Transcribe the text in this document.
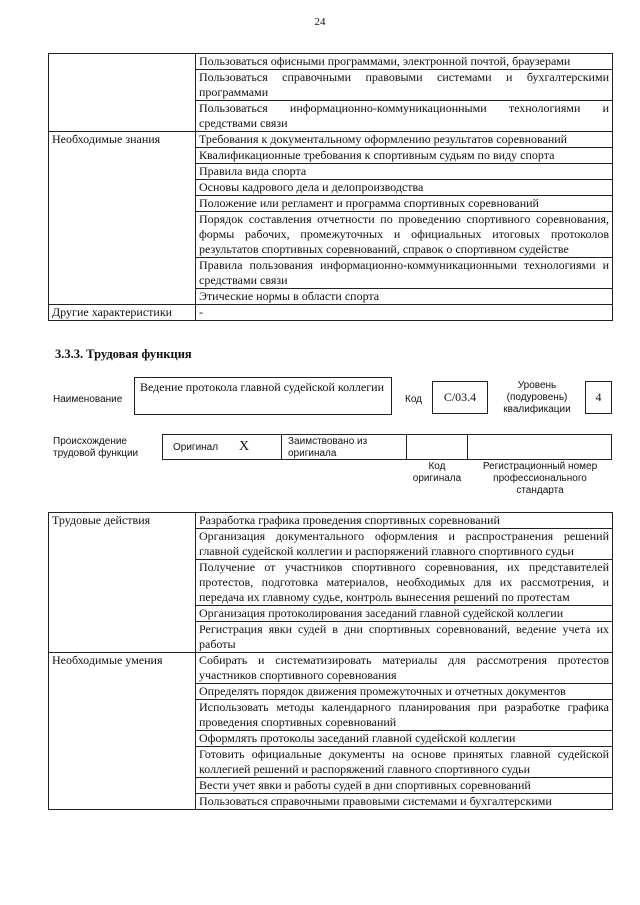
24
	Пользоваться офисными программами, электронной почтой, браузерами
	Пользоваться справочными правовыми системами и бухгалтерскими программами
	Пользоваться информационно-коммуникационными технологиями и средствами связи
Необходимые знания	Требования к документальному оформлению результатов соревнований
	Квалификационные требования к спортивным судьям по виду спорта
	Правила вида спорта
	Основы кадрового дела и делопроизводства
	Положение или регламент и программа спортивных соревнований
	Порядок составления отчетности по проведению спортивного соревнования, формы рабочих, промежуточных и официальных итоговых протоколов результатов спортивных соревнований, справок о спортивном судействе
	Правила пользования информационно-коммуникационными технологиями и средствами связи
	Этические нормы в области спорта
Другие характеристики	-
3.3.3. Трудовая функция
Наименование
Ведение протокола главной судейской коллегии
Код	C/03.4
Уровень (подуровень) квалификации
4
Происхождение трудовой функции
Оригинал X	Заимствовано из оригинала
Код оригинала
Регистрационный номер профессионального стандарта
Трудовые действия	Разработка графика проведения спортивных соревнований
	Организация документального оформления и распространения решений главной судейской коллегии и распоряжений главного спортивного судьи
	Получение от участников спортивного соревнования, их представителей протестов, подготовка материалов, необходимых для их рассмотрения, и передача их главному судье, контроль вынесения решений по протестам
	Организация протоколирования заседаний главной судейской коллегии
	Регистрация явки судей в дни спортивных соревнований, ведение учета их работы
Необходимые умения	Собирать и систематизировать материалы для рассмотрения протестов участников спортивного соревнования
	Определять порядок движения промежуточных и отчетных документов
	Использовать методы календарного планирования при разработке графика проведения спортивных соревнований
	Оформлять протоколы заседаний главной судейской коллегии
	Готовить официальные документы на основе принятых главной судейской коллегией решений и распоряжений главного спортивного судьи
	Вести учет явки и работы судей в дни спортивных соревнований
	Пользоваться справочными правовыми системами и бухгалтерскими
